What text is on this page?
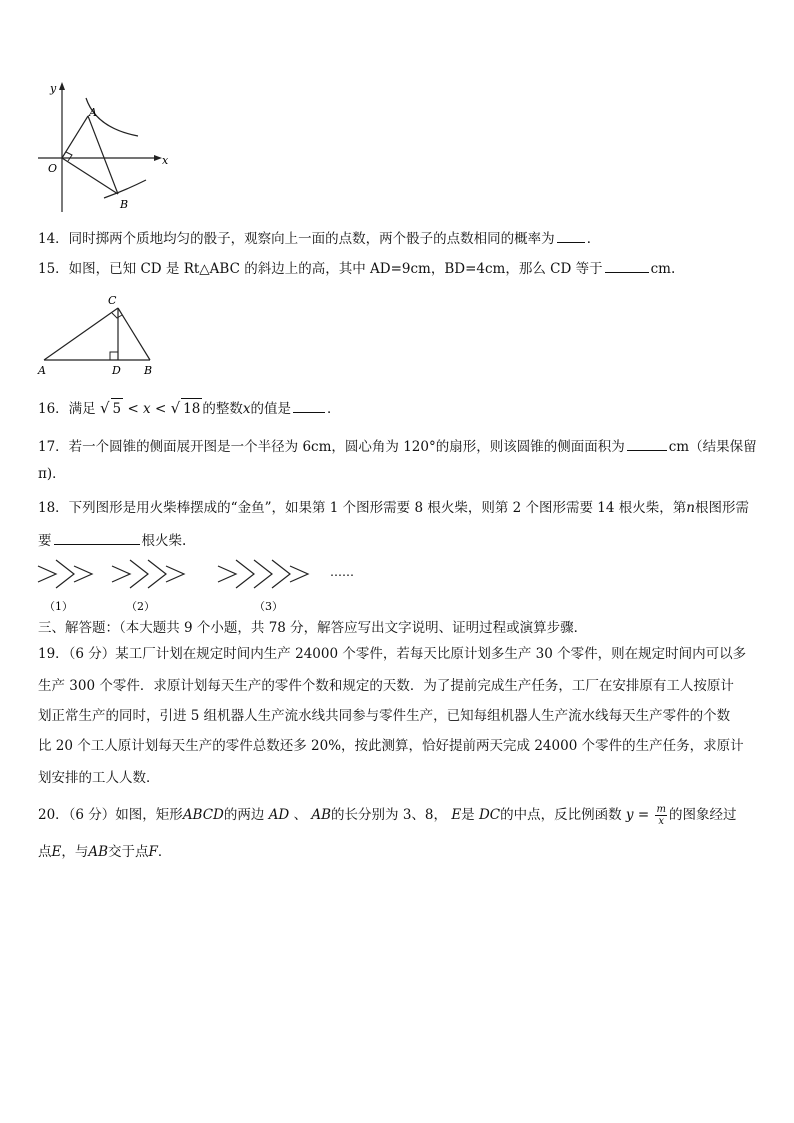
y
x
O
A
B
14．同时掷两个质地均匀的骰子，观察向上一面的点数，两个骰子的点数相同的概率为 ．
15．如图，已知 CD 是 Rt△ABC 的斜边上的高，其中 AD=9cm，BD=4cm，那么 CD 等于	cm.
C
A	D B
16．满足 √ 5 < x < √ 18 的整数x的值是	．
17．若一个圆锥的侧面展开图是一个半径为 6cm，圆心角为 120°的扇形，则该圆锥的侧面面积为	cm（结果保留
π)．
18．下列图形是用火柴棒摆成的“金鱼”，如果第 1 个图形需要 8 根火柴，则第 2 个图形需要 14 根火柴，第n根图形需
要	根火柴.
（1）	（2）	（3）
……
三、解答题：（本大题共 9 个小题，共 78 分，解答应写出文字说明、证明过程或演算步骤．
19．（6 分）某工厂计划在规定时间内生产 24000 个零件，若每天比原计划多生产 30 个零件，则在规定时间内可以多
生产 300 个零件．求原计划每天生产的零件个数和规定的天数．为了提前完成生产任务，工厂在安排原有工人按原计
划正常生产的同时，引进 5 组机器人生产流水线共同参与零件生产，已知每组机器人生产流水线每天生产零件的个数
比 20 个工人原计划每天生产的零件总数还多 20%，按此测算，恰好提前两天完成 24000 个零件的生产任务，求原计
划安排的工人人数．
20．（6 分）如图，矩形ABCD的两边 AD 、 AB的长分别为 3、8， E是 DC的中点，反比例函数 $y = \frac{m}{x}$ 的图象经过
点E，与AB交于点F．
